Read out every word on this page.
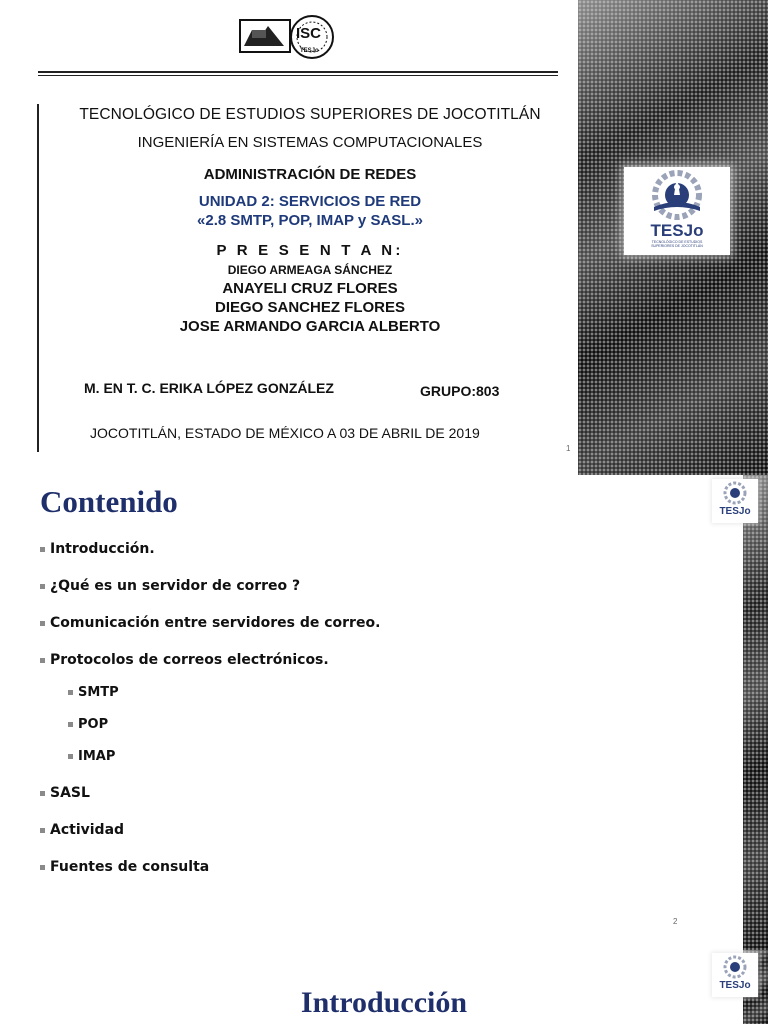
ISC
TESJo
TECNOLÓGICO DE ESTUDIOS SUPERIORES DE JOCOTITLÁN
INGENIERÍA EN SISTEMAS COMPUTACIONALES
ADMINISTRACIÓN DE REDES
UNIDAD 2: SERVICIOS DE RED
«2.8 SMTP, POP, IMAP y SASL.»
P R E S E N T A N:
DIEGO ARMEAGA SÁNCHEZ
ANAYELI CRUZ FLORES
DIEGO SANCHEZ FLORES
JOSE ARMANDO GARCIA ALBERTO
M. EN T. C. ERIKA LÓPEZ GONZÁLEZ	GRUPO:803
JOCOTITLÁN, ESTADO DE MÉXICO A 03 DE ABRIL DE 2019
1
TESJo
TECNOLÓGICO DE ESTUDIOS SUPERIORES DE JOCOTITLÁN
TESJo
Contenido
Introducción.
¿Qué es un servidor de correo ?
Comunicación entre servidores de correo.
Protocolos de correos electrónicos.
SMTP
POP
IMAP
SASL
Actividad
Fuentes de consulta
2
TESJo
Introducción
